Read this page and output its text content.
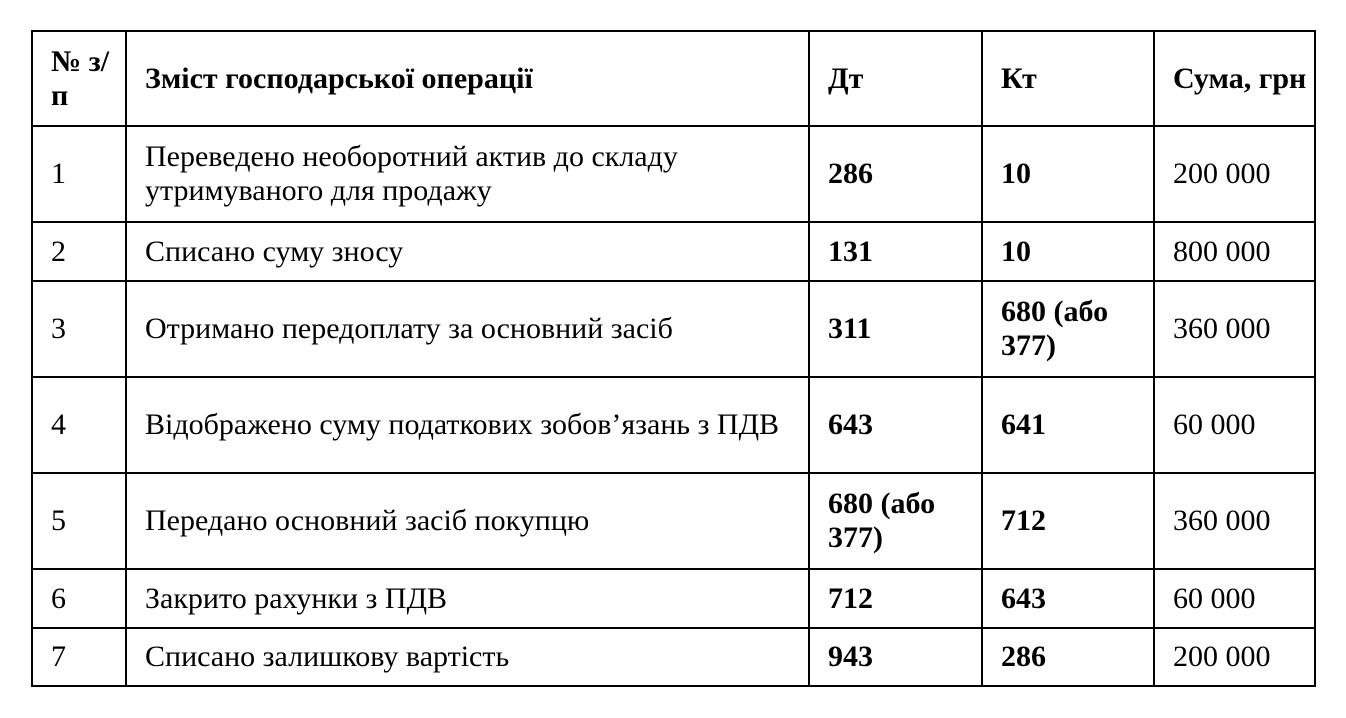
№ з/п	Зміст господарської операції	Дт	Кт	Сума, грн
1	Переведено необоротний актив до складу утримуваного для продажу	286	10	200 000
2	Списано суму зносу	131	10	800 000
3	Отримано передоплату за основний засіб	311	680 (або 377)	360 000
4	Відображено суму податкових зобов’язань з ПДВ	643	641	60 000
5	Передано основний засіб покупцю	680 (або 377)	712	360 000
6	Закрито рахунки з ПДВ	712	643	60 000
7	Списано залишкову вартість	943	286	200 000
